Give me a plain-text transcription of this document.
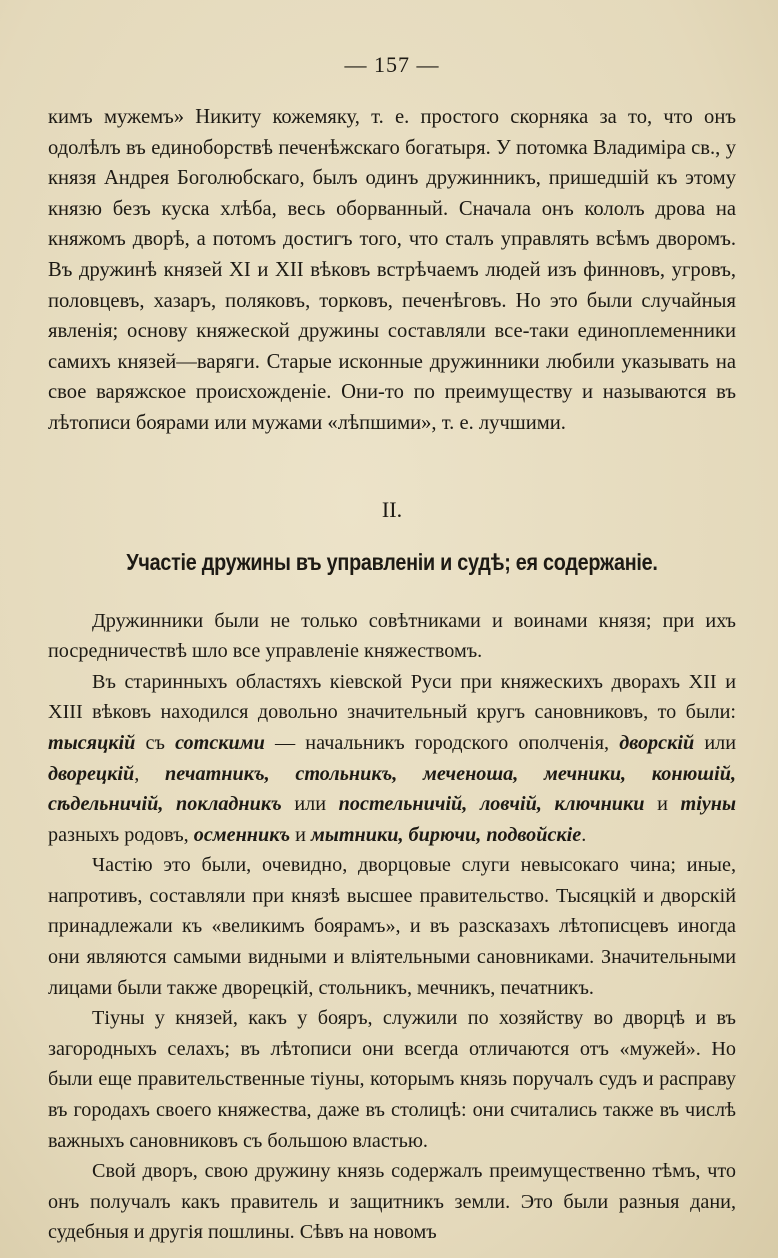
— 157 —

кимъ мужемъ» Никиту кожемяку, т. е. простого скорняка за то, что онъ одолѣлъ въ единоборствѣ печенѣжскаго богатыря. У потомка Владиміра св., у князя Андрея Боголюбскаго, былъ одинъ дружинникъ, пришедшій къ этому князю безъ куска хлѣба, весь оборванный. Сначала онъ кололъ дрова на княжомъ дворѣ, а потомъ достигъ того, что сталъ управлять всѣмъ дворомъ. Въ дружинѣ князей XI и XII вѣковъ встрѣчаемъ людей изъ финновъ, угровъ, половцевъ, хазаръ, поляковъ, торковъ, печенѣговъ. Но это были случайныя явленія; основу княжеской дружины составляли все-таки единоплеменники самихъ князей—варяги. Старые исконные дружинники любили указывать на свое варяжское происхожденіе. Они-то по преимуществу и называются въ лѣтописи боярами или мужами «лѣпшими», т. е. лучшими.

II.
Участіе дружины въ управленіи и судѣ; ея содержаніе.

Дружинники были не только совѣтниками и воинами князя; при ихъ посредничествѣ шло все управленіе княжествомъ.

Въ старинныхъ областяхъ кіевской Руси при княжескихъ дворахъ XII и XIII вѣковъ находился довольно значительный кругъ сановниковъ, то были: тысяцкій съ сотскими — начальникъ городского ополченія, дворскій или дворецкій, печатникъ, стольникъ, меченоша, мечники, конюшій, сѣдельничій, покладникъ или постельничій, ловчій, ключники и тіуны разныхъ родовъ, осменникъ и мытники, бирючи, подвойскіе.

Частію это были, очевидно, дворцовые слуги невысокаго чина; иные, напротивъ, составляли при князѣ высшее правительство. Тысяцкій и дворскій принадлежали къ «великимъ боярамъ», и въ разсказахъ лѣтописцевъ иногда они являются самыми видными и вліятельными сановниками. Значительными лицами были также дворецкій, стольникъ, мечникъ, печатникъ.

Тіуны у князей, какъ у бояръ, служили по хозяйству во дворцѣ и въ загородныхъ селахъ; въ лѣтописи они всегда отличаются отъ «мужей». Но были еще правительственные тіуны, которымъ князь поручалъ судъ и расправу въ городахъ своего княжества, даже въ столицѣ: они считались также въ числѣ важныхъ сановниковъ съ большою властью.

Свой дворъ, свою дружину князь содержалъ преимущественно тѣмъ, что онъ получалъ какъ правитель и защитникъ земли. Это были разныя дани, судебныя и другія пошлины. Сѣвъ на новомъ
